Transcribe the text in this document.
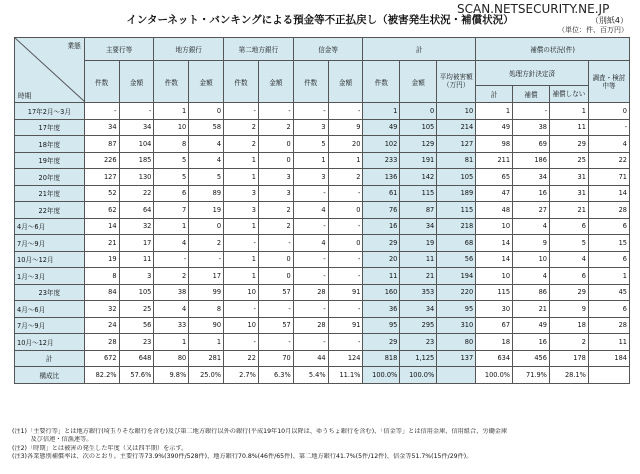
SCAN.NETSECURITY.NE.JP
インターネット・バンキングによる預金等不正払戻し（被害発生状況・補償状況）	（別紙4）
（単位：件、百万円）
業態
時期	主要行等		地方銀行		第二地方銀行		信金等		計			補償の状況(件)			
	件数	金額	件数	金額	件数	金額	件数	金額	件数	金額	平均被害額（万円）	処理方針決定済			調査・検討中等
												計	補償	補償しない	
17年2月～3月	-	-	1	0	-	-	-	-	1	0	10	1	-	1	0
17年度	34	34	10	58	2	2	3	9	49	105	214	49	38	11	-
18年度	87	104	8	4	2	0	5	20	102	129	127	98	69	29	4
19年度	226	185	5	4	1	0	1	1	233	191	81	211	186	25	22
20年度	127	130	5	5	1	3	3	2	136	142	105	65	34	31	71
21年度	52	22	6	89	3	3	-	-	61	115	189	47	16	31	14
22年度	62	64	7	19	3	2	4	0	76	87	115	48	27	21	28
4月～6月	14	32	1	0	1	2	-	-	16	34	218	10	4	6	6
7月～9月	21	17	4	2	-	-	4	0	29	19	68	14	9	5	15
10月～12月	19	11	-	-	1	0	-	-	20	11	56	14	10	4	6
1月～3月	8	3	2	17	1	0	-	-	11	21	194	10	4	6	1
23年度	84	105	38	99	10	57	28	91	160	353	220	115	86	29	45
4月～6月	32	25	4	8	-	-	-	-	36	34	95	30	21	9	6
7月～9月	24	56	33	90	10	57	28	91	95	295	310	67	49	18	28
10月～12月	28	23	1	1	-	-	-	-	29	23	80	18	16	2	11
計	672	648	80	281	22	70	44	124	818	1,125	137	634	456	178	184
構成比	82.2%	57.6%	9.8%	25.0%	2.7%	6.3%	5.4%	11.1%	100.0%	100.0%		100.0%	71.9%	28.1%	
(注1)「主要行等」とは地方銀行(埼玉りそな銀行を含む)及び第二地方銀行以外の銀行(平成19年10月以降は、ゆうちょ銀行を含む)、「信金等」とは信用金庫、信用組合、労働金庫
　　　及び信連・信漁連等。
(注2)「時期」とは被害の発生した年度（又は四半期）を示す。
(注3)各業態別補償率は、次のとおり。主要行等73.9%(390件/528件)、地方銀行70.8%(46件/65件)、第二地方銀行41.7%(5件/12件)、信金等51.7%(15件/29件)。
